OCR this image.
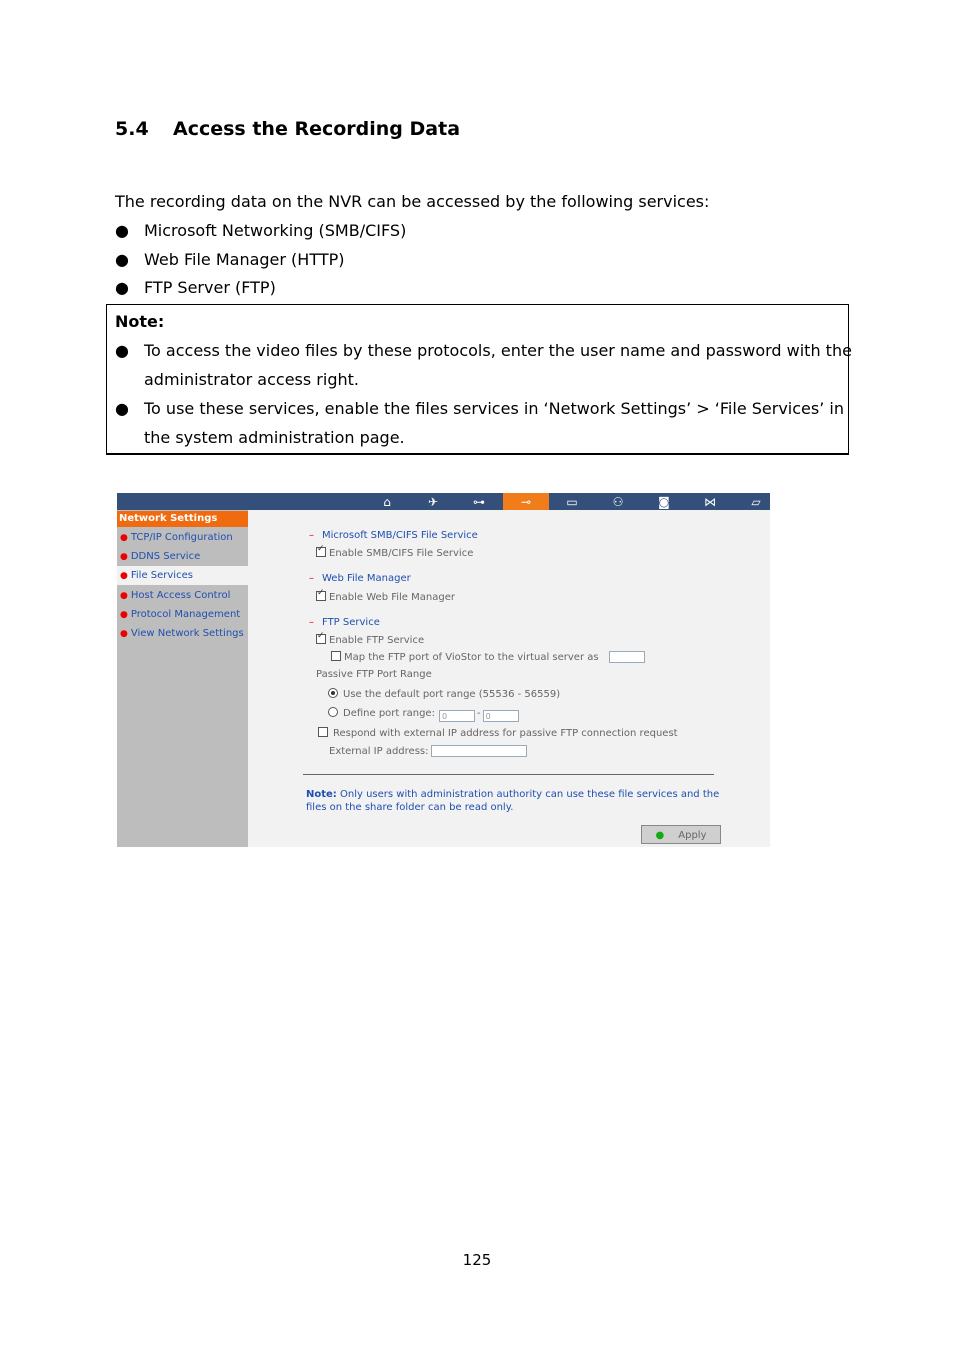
5.4 Access the Recording Data
The recording data on the NVR can be accessed by the following services:
● Microsoft Networking (SMB/CIFS)
● Web File Manager (HTTP)
● FTP Server (FTP)
Note:
● To access the video files by these protocols, enter the user name and password with the
administrator access right.
● To use these services, enable the files services in ‘Network Settings’ > ‘File Services’ in
the system administration page.
⌂	✈	⊶	⊸	▭	⚇	◙	⋈	▱
Network Settings
● TCP/IP Configuration
● DDNS Service
● File Services
● Host Access Control
● Protocol Management
● View Network Settings
– Microsoft SMB/CIFS File Service
✓Enable SMB/CIFS File Service
– Web File Manager
✓Enable Web File Manager
– FTP Service
✓Enable FTP Service
Map the FTP port of VioStor to the virtual server as
Passive FTP Port Range
Use the default port range (55536 - 56559)
Define port range: 0	- 0
Respond with external IP address for passive FTP connection request
External IP address:
Note: Only users with administration authority can use these file services and the files on the share folder can be read only.
● Apply
125
